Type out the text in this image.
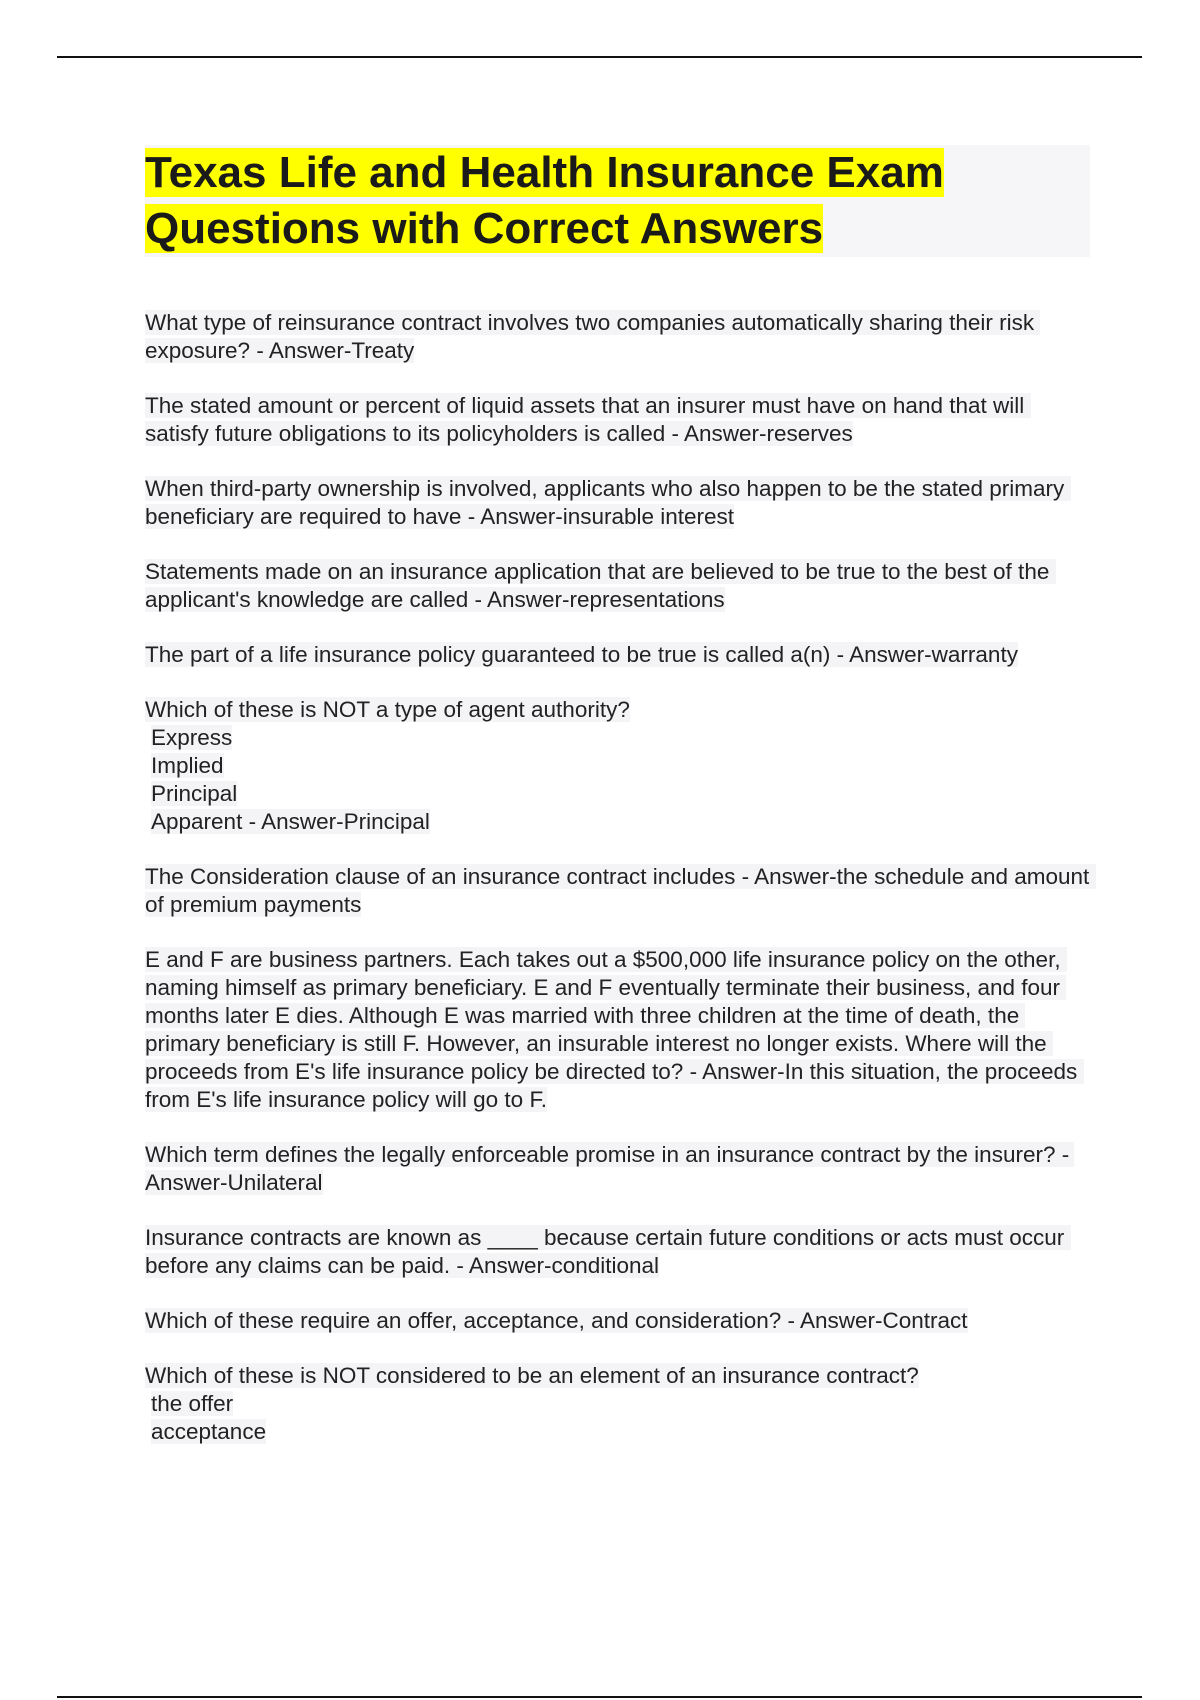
Texas Life and Health Insurance Exam
Questions with Correct Answers

What type of reinsurance contract involves two companies automatically sharing their risk exposure? - Answer-Treaty

The stated amount or percent of liquid assets that an insurer must have on hand that will satisfy future obligations to its policyholders is called - Answer-reserves

When third-party ownership is involved, applicants who also happen to be the stated primary beneficiary are required to have - Answer-insurable interest

Statements made on an insurance application that are believed to be true to the best of the applicant's knowledge are called - Answer-representations

The part of a life insurance policy guaranteed to be true is called a(n) - Answer-warranty

Which of these is NOT a type of agent authority?
Express
Implied
Principal
Apparent - Answer-Principal

The Consideration clause of an insurance contract includes - Answer-the schedule and amount of premium payments

E and F are business partners. Each takes out a $500,000 life insurance policy on the other, naming himself as primary beneficiary. E and F eventually terminate their business, and four months later E dies. Although E was married with three children at the time of death, the primary beneficiary is still F. However, an insurable interest no longer exists. Where will the proceeds from E's life insurance policy be directed to? - Answer-In this situation, the proceeds from E's life insurance policy will go to F.

Which term defines the legally enforceable promise in an insurance contract by the insurer? - Answer-Unilateral

Insurance contracts are known as ____ because certain future conditions or acts must occur before any claims can be paid. - Answer-conditional

Which of these require an offer, acceptance, and consideration? - Answer-Contract

Which of these is NOT considered to be an element of an insurance contract?
the offer
acceptance
